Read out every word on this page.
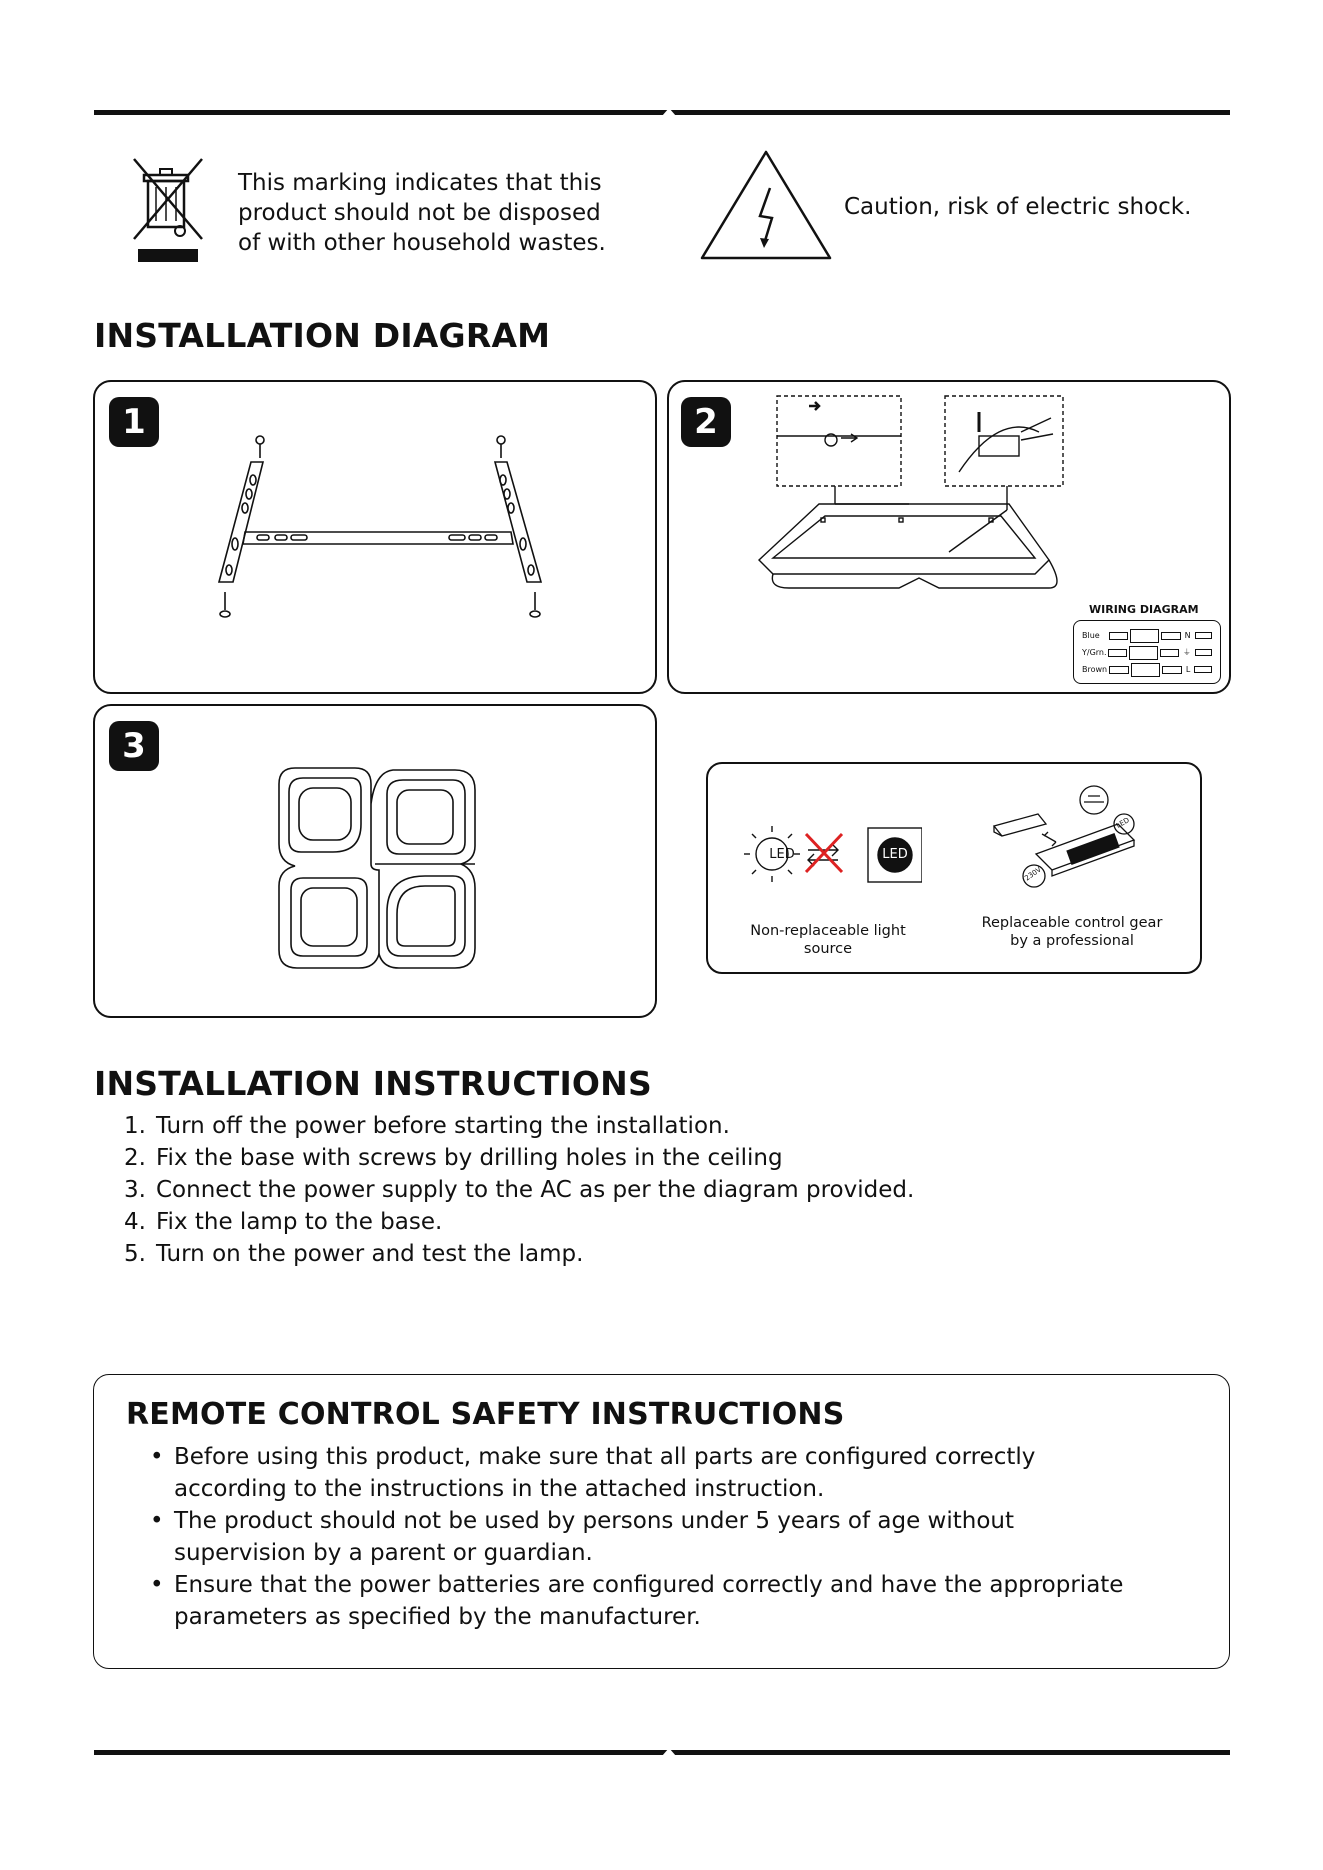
This marking indicates that this
product should not be disposed
of with other household wastes.
Caution, risk of electric shock.
INSTALLATION DIAGRAM
1	2
WIRING DIAGRAM
Blue	N
Y/Grn.	⏚
Brown	L
3
LED	LED
230V
LED
Non-replaceable light source
Replaceable control gear
by a professional
INSTALLATION INSTRUCTIONS
1. Turn off the power before starting the installation.
2. Fix the base with screws by drilling holes in the ceiling
3. Connect the power supply to the AC as per the diagram provided.
4. Fix the lamp to the base.
5. Turn on the power and test the lamp.
REMOTE CONTROL SAFETY INSTRUCTIONS
• Before using this product, make sure that all parts are configured correctly according to the instructions in the attached instruction.
• The product should not be used by persons under 5 years of age without supervision by a parent or guardian.
• Ensure that the power batteries are configured correctly and have the appropriate parameters as specified by the manufacturer.
